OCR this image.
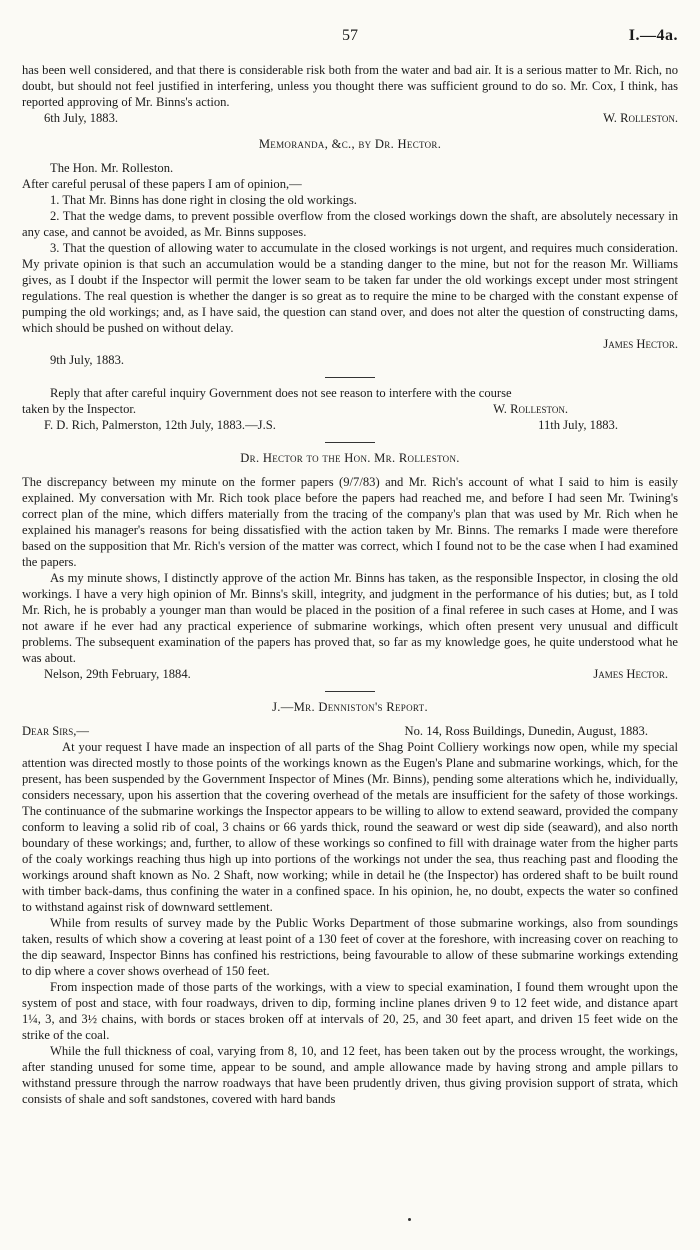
57	I.—4a.

has been well considered, and that there is considerable risk both from the water and bad air. It is a serious matter to Mr. Rich, no doubt, but should not feel justified in interfering, unless you thought there was sufficient ground to do so. Mr. Cox, I think, has reported approving of Mr. Binns's action.

6th July, 1883.	W. Rolleston.
Memoranda, &c., by Dr. Hector.
The Hon. Mr. Rolleston.

After careful perusal of these papers I am of opinion,—

1. That Mr. Binns has done right in closing the old workings.

2. That the wedge dams, to prevent possible overflow from the closed workings down the shaft, are absolutely necessary in any case, and cannot be avoided, as Mr. Binns supposes.

3. That the question of allowing water to accumulate in the closed workings is not urgent, and requires much consideration. My private opinion is that such an accumulation would be a standing danger to the mine, but not for the reason Mr. Williams gives, as I doubt if the Inspector will permit the lower seam to be taken far under the old workings except under most stringent regulations. The real question is whether the danger is so great as to require the mine to be charged with the constant expense of pumping the old workings; and, as I have said, the question can stand over, and does not alter the question of constructing dams, which should be pushed on without delay.

James Hector.
9th July, 1883.

Reply that after careful inquiry Government does not see reason to interfere with the course

taken by the Inspector.	W. Rolleston.
F. D. Rich, Palmerston, 12th July, 1883.—J.S.	11th July, 1883.
Dr. Hector to the Hon. Mr. Rolleston.

The discrepancy between my minute on the former papers (9/7/83) and Mr. Rich's account of what I said to him is easily explained. My conversation with Mr. Rich took place before the papers had reached me, and before I had seen Mr. Twining's correct plan of the mine, which differs materially from the tracing of the company's plan that was used by Mr. Rich when he explained his manager's reasons for being dissatisfied with the action taken by Mr. Binns. The remarks I made were therefore based on the supposition that Mr. Rich's version of the matter was correct, which I found not to be the case when I had examined the papers.

As my minute shows, I distinctly approve of the action Mr. Binns has taken, as the responsible Inspector, in closing the old workings. I have a very high opinion of Mr. Binns's skill, integrity, and judgment in the performance of his duties; but, as I told Mr. Rich, he is probably a younger man than would be placed in the position of a final referee in such cases at Home, and I was not aware if he ever had any practical experience of submarine workings, which often present very unusual and difficult problems. The subsequent examination of the papers has proved that, so far as my knowledge goes, he quite understood what he was about.

Nelson, 29th February, 1884.	James Hector.
J.—Mr. Denniston's Report.
Dear Sirs,—	No. 14, Ross Buildings, Dunedin, August, 1883.

At your request I have made an inspection of all parts of the Shag Point Colliery workings now open, while my special attention was directed mostly to those points of the workings known as the Eugen's Plane and submarine workings, which, for the present, has been suspended by the Government Inspector of Mines (Mr. Binns), pending some alterations which he, individually, considers necessary, upon his assertion that the covering overhead of the metals are insufficient for the safety of those workings. The continuance of the submarine workings the Inspector appears to be willing to allow to extend seaward, provided the company conform to leaving a solid rib of coal, 3 chains or 66 yards thick, round the seaward or west dip side (seaward), and also north boundary of these workings; and, further, to allow of these workings so confined to fill with drainage water from the higher parts of the coaly workings reaching thus high up into portions of the workings not under the sea, thus reaching past and flooding the workings around shaft known as No. 2 Shaft, now working; while in detail he (the Inspector) has ordered shaft to be built round with timber back-dams, thus confining the water in a confined space. In his opinion, he, no doubt, expects the water so confined to withstand against risk of downward settlement.

While from results of survey made by the Public Works Department of those submarine workings, also from soundings taken, results of which show a covering at least point of a 130 feet of cover at the foreshore, with increasing cover on reaching to the dip seaward, Inspector Binns has confined his restrictions, being favourable to allow of these submarine workings extending to dip where a cover shows overhead of 150 feet.

From inspection made of those parts of the workings, with a view to special examination, I found them wrought upon the system of post and stace, with four roadways, driven to dip, forming incline planes driven 9 to 12 feet wide, and distance apart 1¼, 3, and 3½ chains, with bords or staces broken off at intervals of 20, 25, and 30 feet apart, and driven 15 feet wide on the strike of the coal.

While the full thickness of coal, varying from 8, 10, and 12 feet, has been taken out by the process wrought, the workings, after standing unused for some time, appear to be sound, and ample allowance made by having strong and ample pillars to withstand pressure through the narrow roadways that have been prudently driven, thus giving provision support of strata, which consists of shale and soft sandstones, covered with hard bands
